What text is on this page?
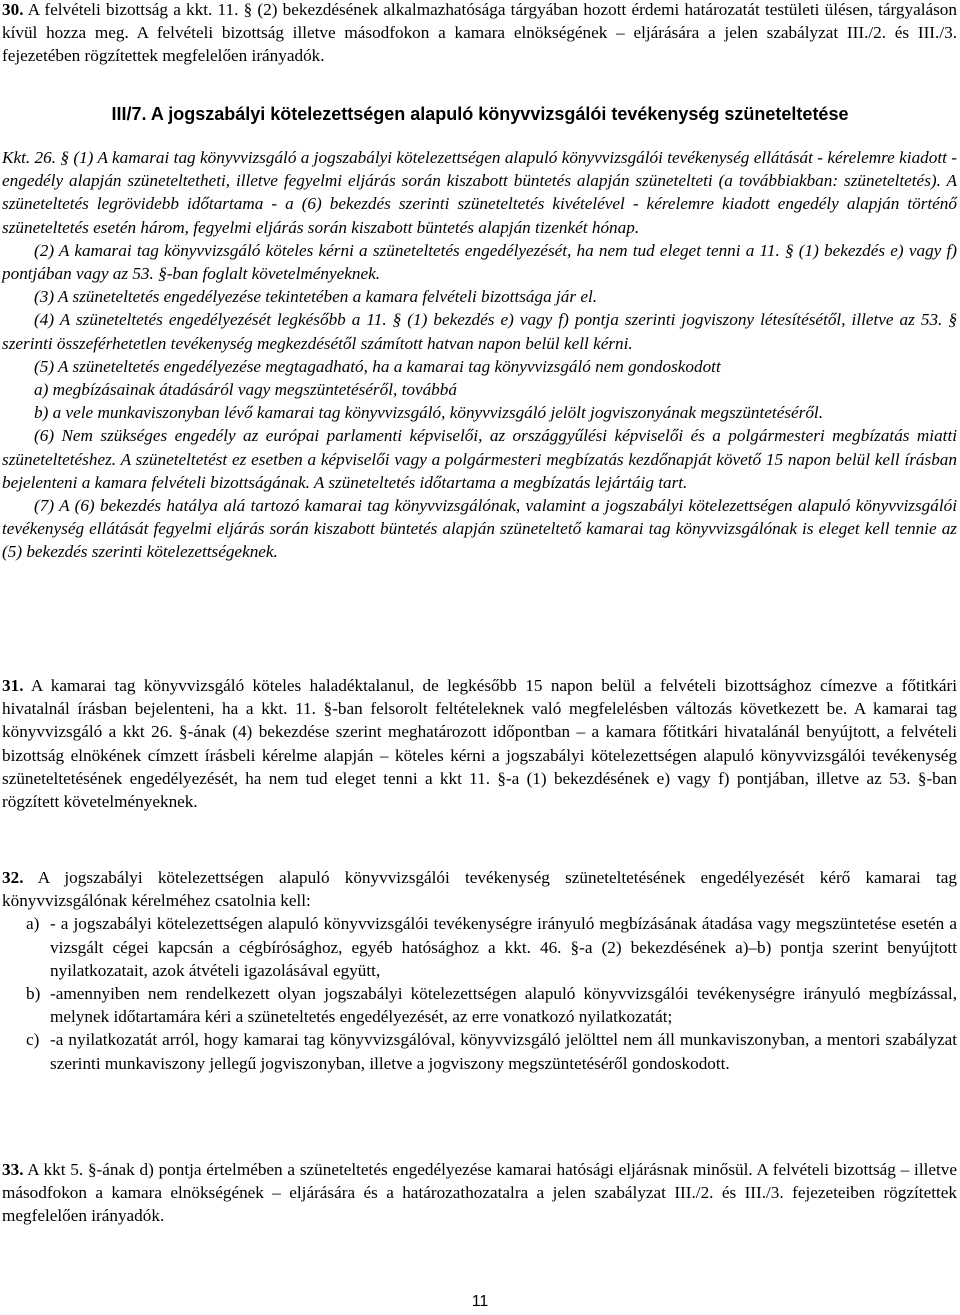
30. A felvételi bizottság a kkt. 11. § (2) bekezdésének alkalmazhatósága tárgyában hozott érdemi határozatát testületi ülésen, tárgyaláson kívül hozza meg. A felvételi bizottság illetve másodfokon a kamara elnökségének – eljárására a jelen szabályzat III./2. és III./3. fejezetében rögzítettek megfelelően irányadók.

III/7. A jogszabályi kötelezettségen alapuló könyvvizsgálói tevékenység szüneteltetése

Kkt. 26. § (1) A kamarai tag könyvvizsgáló a jogszabályi kötelezettségen alapuló könyvvizsgálói tevékenység ellátását - kérelemre kiadott - engedély alapján szüneteltetheti, illetve fegyelmi eljárás során kiszabott büntetés alapján szünetelteti (a továbbiakban: szüneteltetés). A szüneteltetés legrövidebb időtartama - a (6) bekezdés szerinti szüneteltetés kivételével - kérelemre kiadott engedély alapján történő szüneteltetés esetén három, fegyelmi eljárás során kiszabott büntetés alapján tizenkét hónap.

(2) A kamarai tag könyvvizsgáló köteles kérni a szüneteltetés engedélyezését, ha nem tud eleget tenni a 11. § (1) bekezdés e) vagy f) pontjában vagy az 53. §-ban foglalt követelményeknek.

(3) A szüneteltetés engedélyezése tekintetében a kamara felvételi bizottsága jár el.

(4) A szüneteltetés engedélyezését legkésőbb a 11. § (1) bekezdés e) vagy f) pontja szerinti jogviszony létesítésétől, illetve az 53. § szerinti összeférhetetlen tevékenység megkezdésétől számított hatvan napon belül kell kérni.

(5) A szüneteltetés engedélyezése megtagadható, ha a kamarai tag könyvvizsgáló nem gondoskodott

a) megbízásainak átadásáról vagy megszüntetéséről, továbbá

b) a vele munkaviszonyban lévő kamarai tag könyvvizsgáló, könyvvizsgáló jelölt jogviszonyának megszüntetéséről.

(6) Nem szükséges engedély az európai parlamenti képviselői, az országgyűlési képviselői és a polgármesteri megbízatás miatti szüneteltetéshez. A szüneteltetést ez esetben a képviselői vagy a polgármesteri megbízatás kezdőnapját követő 15 napon belül kell írásban bejelenteni a kamara felvételi bizottságának. A szüneteltetés időtartama a megbízatás lejártáig tart.

(7) A (6) bekezdés hatálya alá tartozó kamarai tag könyvvizsgálónak, valamint a jogszabályi kötelezettségen alapuló könyvvizsgálói tevékenység ellátását fegyelmi eljárás során kiszabott büntetés alapján szüneteltető kamarai tag könyvvizsgálónak is eleget kell tennie az (5) bekezdés szerinti kötelezettségeknek.

31. A kamarai tag könyvvizsgáló köteles haladéktalanul, de legkésőbb 15 napon belül a felvételi bizottsághoz címezve a főtitkári hivatalnál írásban bejelenteni, ha a kkt. 11. §-ban felsorolt feltételeknek való megfelelésben változás következett be. A kamarai tag könyvvizsgáló a kkt 26. §-ának (4) bekezdése szerint meghatározott időpontban – a kamara főtitkári hivatalánál benyújtott, a felvételi bizottság elnökének címzett írásbeli kérelme alapján – köteles kérni a jogszabályi kötelezettségen alapuló könyvvizsgálói tevékenység szüneteltetésének engedélyezését, ha nem tud eleget tenni a kkt 11. §-a (1) bekezdésének e) vagy f) pontjában, illetve az 53. §-ban rögzített követelményeknek.

32. A jogszabályi kötelezettségen alapuló könyvvizsgálói tevékenység szüneteltetésének engedélyezését kérő kamarai tag könyvvizsgálónak kérelméhez csatolnia kell:

a) - a jogszabályi kötelezettségen alapuló könyvvizsgálói tevékenységre irányuló megbízásának átadása vagy megszüntetése esetén a vizsgált cégei kapcsán a cégbírósághoz, egyéb hatósághoz a kkt. 46. §-a (2) bekezdésének a)–b) pontja szerint benyújtott nyilatkozatait, azok átvételi igazolásával együtt,
b) -amennyiben nem rendelkezett olyan jogszabályi kötelezettségen alapuló könyvvizsgálói tevékenységre irányuló megbízással, melynek időtartamára kéri a szüneteltetés engedélyezését, az erre vonatkozó nyilatkozatát;
c) -a nyilatkozatát arról, hogy kamarai tag könyvvizsgálóval, könyvvizsgáló jelölttel nem áll munkaviszonyban, a mentori szabályzat szerinti munkaviszony jellegű jogviszonyban, illetve a jogviszony megszüntetéséről gondoskodott.

33. A kkt 5. §-ának d) pontja értelmében a szüneteltetés engedélyezése kamarai hatósági eljárásnak minősül. A felvételi bizottság – illetve másodfokon a kamara elnökségének – eljárására és a határozathozatalra a jelen szabályzat III./2. és III./3. fejezeteiben rögzítettek megfelelően irányadók.

11
